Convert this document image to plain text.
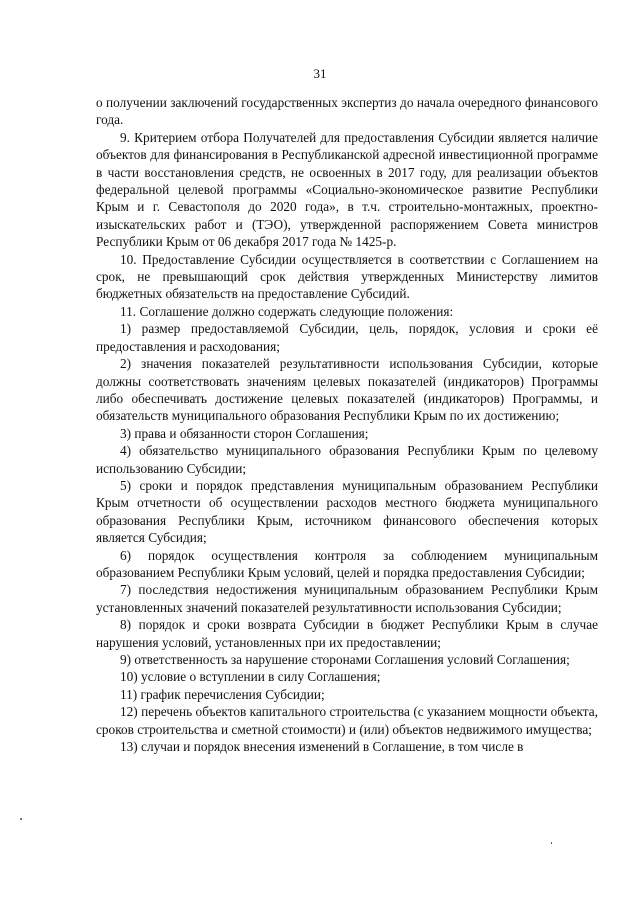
31

о получении заключений государственных экспертиз до начала очередного финансового года.

9. Критерием отбора Получателей для предоставления Субсидии является наличие объектов для финансирования в Республиканской адресной инвестиционной программе в части восстановления средств, не освоенных в 2017 году, для реализации объектов федеральной целевой программы «Социально-экономическое развитие Республики Крым и г. Севастополя до 2020 года», в т.ч. строительно-монтажных, проектно-изыскательских работ и (ТЭО), утвержденной распоряжением Совета министров Республики Крым от 06 декабря 2017 года № 1425-р.

10. Предоставление Субсидии осуществляется в соответствии с Соглашением на срок, не превышающий срок действия утвержденных Министерству лимитов бюджетных обязательств на предоставление Субсидий.

11. Соглашение должно содержать следующие положения:

1) размер предоставляемой Субсидии, цель, порядок, условия и сроки её предоставления и расходования;

2) значения показателей результативности использования Субсидии, которые должны соответствовать значениям целевых показателей (индикаторов) Программы либо обеспечивать достижение целевых показателей (индикаторов) Программы, и обязательств муниципального образования Республики Крым по их достижению;

3) права и обязанности сторон Соглашения;

4) обязательство муниципального образования Республики Крым по целевому использованию Субсидии;

5) сроки и порядок представления муниципальным образованием Республики Крым отчетности об осуществлении расходов местного бюджета муниципального образования Республики Крым, источником финансового обеспечения которых является Субсидия;

6) порядок осуществления контроля за соблюдением муниципальным образованием Республики Крым условий, целей и порядка предоставления Субсидии;

7) последствия недостижения муниципальным образованием Республики Крым установленных значений показателей результативности использования Субсидии;

8) порядок и сроки возврата Субсидии в бюджет Республики Крым в случае нарушения условий, установленных при их предоставлении;

9) ответственность за нарушение сторонами Соглашения условий Соглашения;

10) условие о вступлении в силу Соглашения;

11) график перечисления Субсидии;

12) перечень объектов капитального строительства (с указанием мощности объекта, сроков строительства и сметной стоимости) и (или) объектов недвижимого имущества;

13) случаи и порядок внесения изменений в Соглашение, в том числе в
